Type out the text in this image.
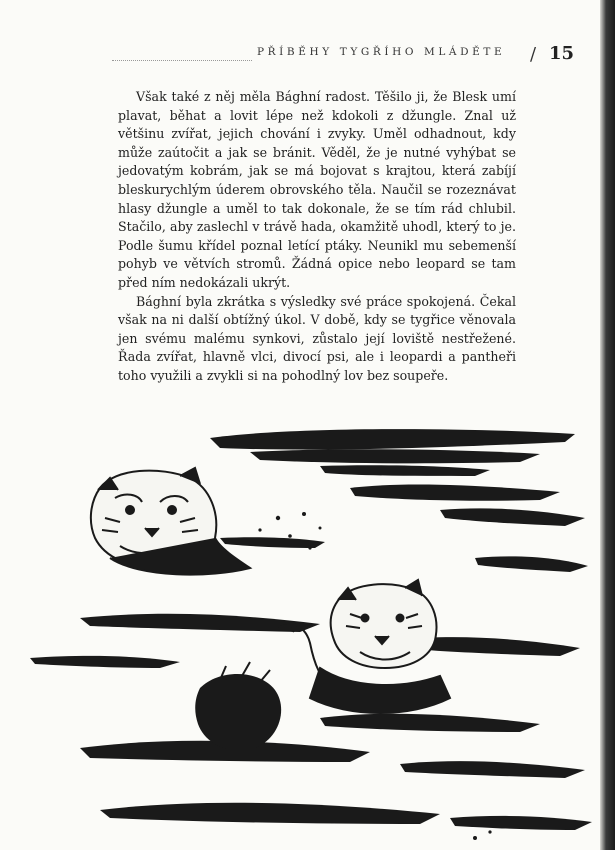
PŘÍBĚHY TYGŘÍHO MLÁDĚTE / 15

Však také z něj měla Bághní radost. Těšilo ji, že Blesk umí plavat, běhat a lovit lépe než kdokoli z džungle. Znal už většinu zvířat, jejich chování i zvyky. Uměl odhadnout, kdy může zaútočit a jak se bránit. Věděl, že je nutné vyhýbat se jedovatým kobrám, jak se má bojovat s krajtou, která zabíjí bleskurychlým úderem obrovského těla. Naučil se rozeznávat hlasy džungle a uměl to tak dokonale, že se tím rád chlubil. Stačilo, aby zaslechl v trávě hada, okamžitě uhodl, který to je. Podle šumu křídel poznal letící ptáky. Neunikl mu sebemenší pohyb ve větvích stromů. Žádná opice nebo leopard se tam před ním nedokázali ukrýt.

Bághní byla zkrátka s výsledky své práce spokojená. Čekal však na ni další obtížný úkol. V době, kdy se tygřice věnovala jen svému malému synkovi, zůstalo její loviště nestřežené. Řada zvířat, hlavně vlci, divocí psi, ale i leopardi a pantheři toho využili a zvykli si na pohodlný lov bez soupeře.
